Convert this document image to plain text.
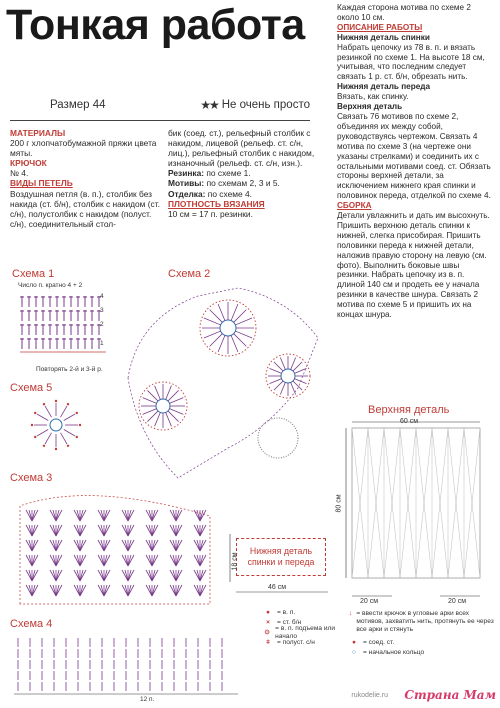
Тонкая работа
Размер 44	★★ Не очень просто

МАТЕРИАЛЫ

200 г хлопчатобумажной пряжи цвета мяты.

КРЮЧОК

№ 4.

ВИДЫ ПЕТЕЛЬ

Воздушная петля (в. п.), столбик без накида (ст. б/н), столбик с накидом (ст. с/н), полустолбик с накидом (полуст. с/н), соединительный стол-

бик (соед. ст.), рельефный столбик с накидом, лицевой (рельеф. ст. с/н, лиц.), рельефный столбик с накидом, изнаночный (рельеф. ст. с/н, изн.).

Резинка: по схеме 1.

Мотивы: по схемам 2, 3 и 5.

Отделка: по схеме 4.

ПЛОТНОСТЬ ВЯЗАНИЯ

10 см = 17 п. резинки.

Каждая сторона мотива по схеме 2 около 10 см.

ОПИСАНИЕ РАБОТЫ

Нижняя деталь спинки

Набрать цепочку из 78 в. п. и вязать резинкой по схеме 1. На высоте 18 см, учитывая, что последним следует связать 1 р. ст. б/н, обрезать нить.

Нижняя деталь переда

Вязать, как спинку.

Верхняя деталь

Связать 76 мотивов по схеме 2, объединяя их между собой, руководствуясь чертежом. Связать 4 мотива по схеме 3 (на чертеже они указаны стрелками) и соединить их с остальными мотивами соед. ст. Обязать стороны верхней детали, за исключением нижнего края спинки и половинок переда, отделкой по схеме 4.

СБОРКА

Детали увлажнить и дать им высохнуть. Пришить верхнюю деталь спинки к нижней, слегка присобирая. Пришить половинки переда к нижней детали, наложив правую сторону на левую (см. фото). Выполнить боковые швы резинки. Набрать цепочку из в. п. длиной 140 см и продеть ее у начала резинки в качестве шнура. Связать 2 мотива по схеме 5 и пришить их на концах шнура.

Схема 1
Число п. кратно 4 + 2
4
3
2
1
Повторять 2-й и 3-й р.
Схема 5
Схема 2
Схема 3
Схема 4
12 п.
Нижняя деталь спинки и переда
18 см
46 см
Верхняя деталь
60 см
80 см
20 см	20 см
●	= в. п.
×	= ст. б/н
⊙
= в. п. подъема или начало
ǂ	= полуст. с/н
↓ = ввести крючок в угловые арки всех мотивов, захватить нить, протянуть ее через все арки и стянуть
●	= соед. ст.
○	= начальное кольцо
rukodelie.ru Страна Мам
